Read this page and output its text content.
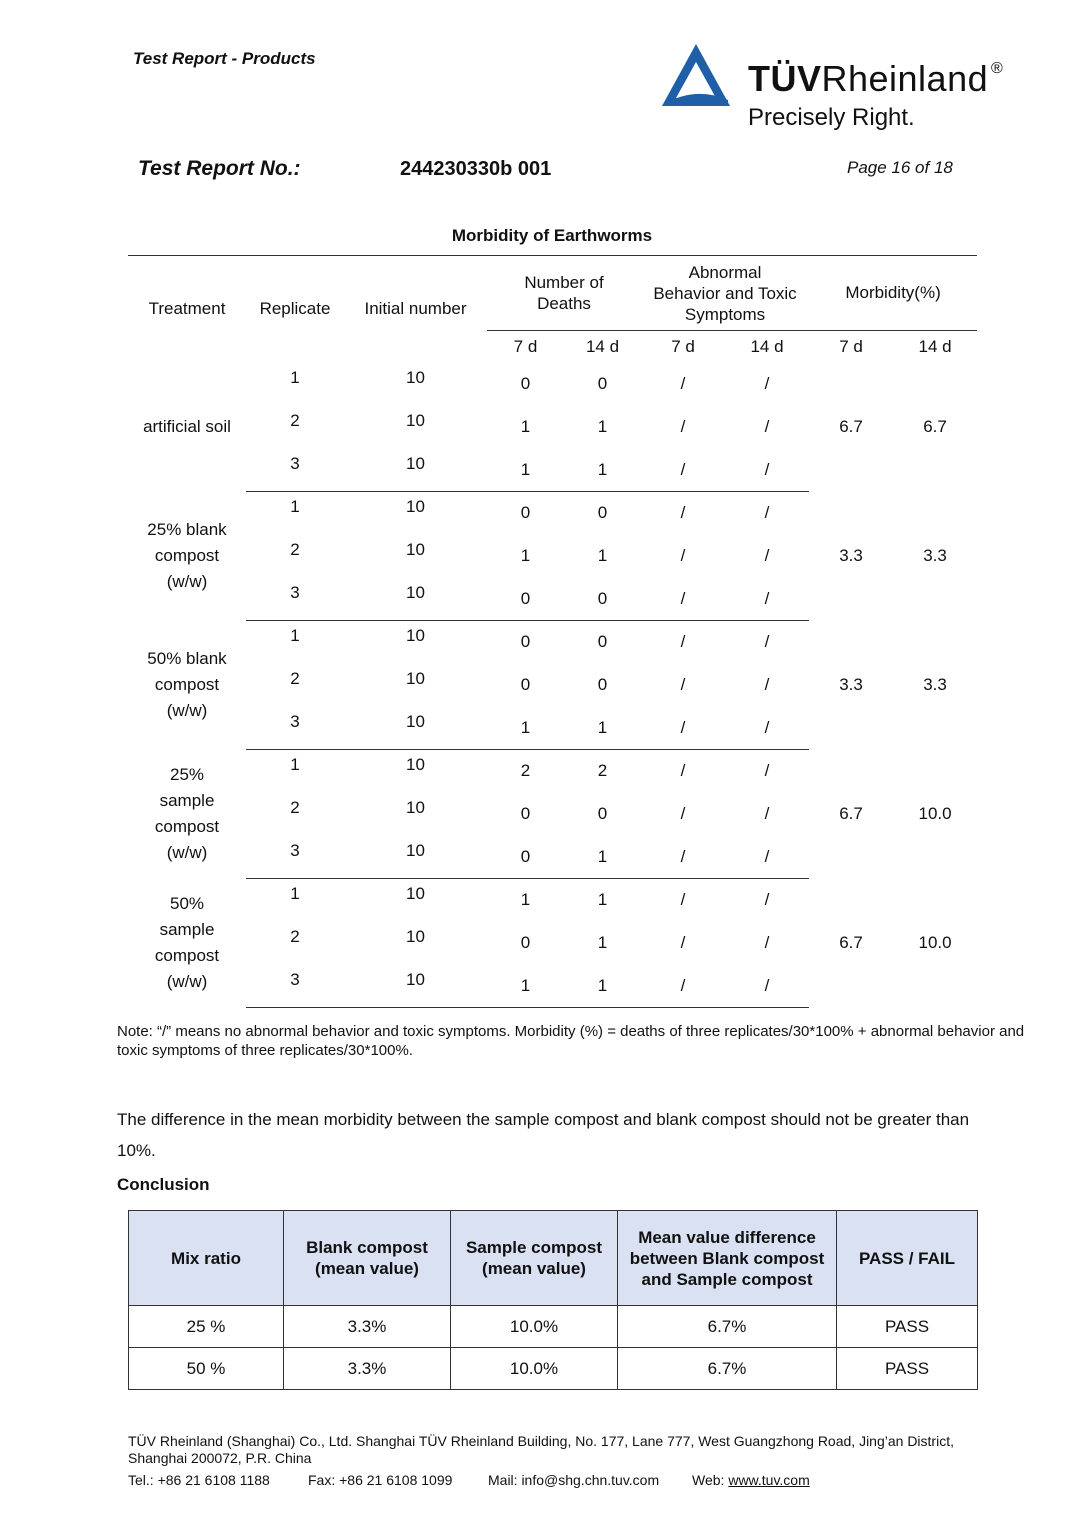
Test Report - Products	TÜVRheinland ®
Precisely Right.
Test Report No.:	244230330b 001	Page 16 of 18
Morbidity of Earthworms
Treatment	Replicate	Initial number	Number of Deaths		Abnormal Behavior and Toxic Symptoms		Morbidity(%)	
			7 d	14 d	7 d	14 d	7 d	14 d
artificial soil	1	10	0	0	/	/	6.7	6.7
	2	10	1	1	/	/		
	3	10	1	1	/	/		
25% blank compost (w/w)	1	10	0	0	/	/	3.3	3.3
	2	10	1	1	/	/		
	3	10	0	0	/	/		
50% blank compost (w/w)	1	10	0	0	/	/	3.3	3.3
	2	10	0	0	/	/		
	3	10	1	1	/	/		
25% sample compost (w/w)	1	10	2	2	/	/	6.7	10.0
	2	10	0	0	/	/		
	3	10	0	1	/	/		
50% sample compost (w/w)	1	10	1	1	/	/	6.7	10.0
	2	10	0	1	/	/		
	3	10	1	1	/	/		
Note: “/” means no abnormal behavior and toxic symptoms. Morbidity (%) = deaths of three replicates/30*100% + abnormal behavior and toxic symptoms of three replicates/30*100%.
The difference in the mean morbidity between the sample compost and blank compost should not be greater than 10%.
Conclusion
Mix ratio	Blank compost (mean value)	Sample compost (mean value)	Mean value difference between Blank compost and Sample compost	PASS / FAIL
25 %	3.3%	10.0%	6.7%	PASS
50 %	3.3%	10.0%	6.7%	PASS
TÜV Rheinland (Shanghai) Co., Ltd. Shanghai TÜV Rheinland Building, No. 177, Lane 777, West Guangzhong Road, Jing’an District, Shanghai 200072, P.R. China
Tel.: +86 21 6108 1188	Fax: +86 21 6108 1099	Mail: info@shg.chn.tuv.com Web: www.tuv.com
